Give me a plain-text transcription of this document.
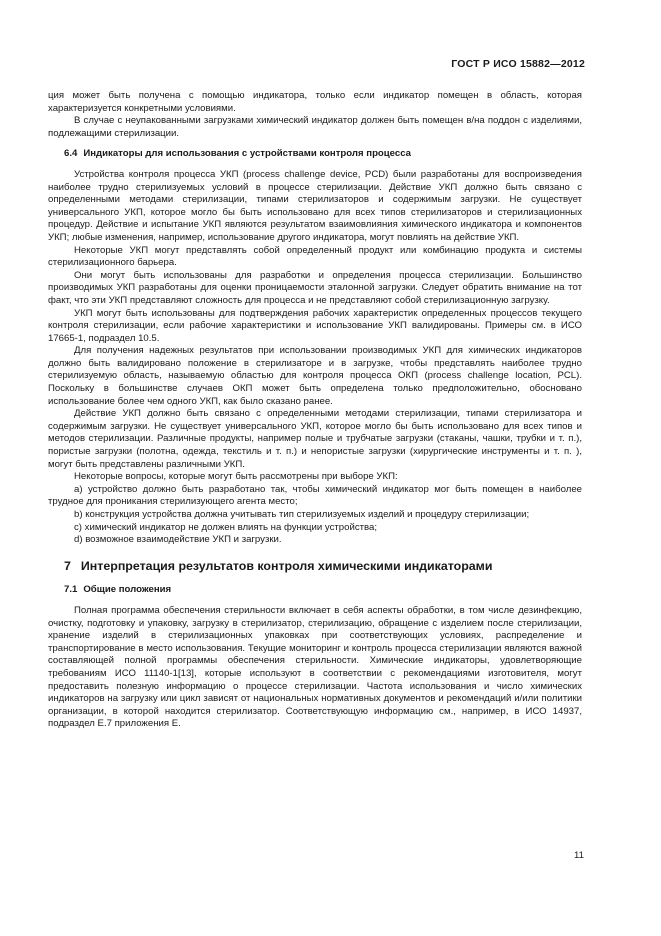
ГОСТ Р ИСО 15882—2012

ция может быть получена с помощью индикатора, только если индикатор помещен в область, которая характеризуется конкретными условиями.

В случае с неупакованными загрузками химический индикатор должен быть помещен в/на поддон с изделиями, подлежащими стерилизации.

6.4 Индикаторы для использования с устройствами контроля процесса

Устройства контроля процесса УКП (process challenge device, PCD) были разработаны для воспроизведения наиболее трудно стерилизуемых условий в процессе стерилизации. Действие УКП должно быть связано с определенными методами стерилизации, типами стерилизаторов и содержимым загрузки. Не существует универсального УКП, которое могло бы быть использовано для всех типов стерилизаторов и стерилизационных процедур. Действие и испытание УКП являются результатом взаимовлияния химического индикатора и компонентов УКП; любые изменения, например, использование другого индикатора, могут повлиять на действие УКП.

Некоторые УКП могут представлять собой определенный продукт или комбинацию продукта и системы стерилизационного барьера.

Они могут быть использованы для разработки и определения процесса стерилизации. Большинство производимых УКП разработаны для оценки проницаемости эталонной загрузки. Следует обратить внимание на тот факт, что эти УКП представляют сложность для процесса и не представляют собой стерилизационную загрузку.

УКП могут быть использованы для подтверждения рабочих характеристик определенных процессов текущего контроля стерилизации, если рабочие характеристики и использование УКП валидированы. Примеры см. в ИСО 17665-1, подраздел 10.5.

Для получения надежных результатов при использовании производимых УКП для химических индикаторов должно быть валидировано положение в стерилизаторе и в загрузке, чтобы представлять наиболее трудно стерилизуемую область, называемую областью для контроля процесса ОКП (process challenge location, PCL). Поскольку в большинстве случаев ОКП может быть определена только предположительно, обосновано использование более чем одного УКП, как было сказано ранее.

Действие УКП должно быть связано с определенными методами стерилизации, типами стерилизатора и содержимым загрузки. Не существует универсального УКП, которое могло бы быть использовано для всех типов и методов стерилизации. Различные продукты, например полые и трубчатые загрузки (стаканы, чашки, трубки и т. п.), пористые загрузки (полотна, одежда, текстиль и т. п.) и непористые загрузки (хирургические инструменты и т. п. ), могут быть представлены различными УКП.

Некоторые вопросы, которые могут быть рассмотрены при выборе УКП:

а) устройство должно быть разработано так, чтобы химический индикатор мог быть помещен в наиболее трудное для проникания стерилизующего агента место;

b) конструкция устройства должна учитывать тип стерилизуемых изделий и процедуру стерилизации;

c) химический индикатор не должен влиять на функции устройства;

d) возможное взаимодействие УКП и загрузки.

7 Интерпретация результатов контроля химическими индикаторами
7.1 Общие положения

Полная программа обеспечения стерильности включает в себя аспекты обработки, в том числе дезинфекцию, очистку, подготовку и упаковку, загрузку в стерилизатор, стерилизацию, обращение с изделием после стерилизации, хранение изделий в стерилизационных упаковках при соответствующих условиях, распределение и транспортирование в место использования. Текущие мониторинг и контроль процесса стерилизации являются важной составляющей полной программы обеспечения стерильности. Химические индикаторы, удовлетворяющие требованиям ИСО 11140-1[13], которые используют в соответствии с рекомендациями изготовителя, могут предоставить полезную информацию о процессе стерилизации. Частота использования и число химических индикаторов на загрузку или цикл зависят от национальных нормативных документов и рекомендаций и/или политики организации, в которой находится стерилизатор. Соответствующую информацию см., например, в ИСО 14937, подраздел Е.7 приложения Е.

11
